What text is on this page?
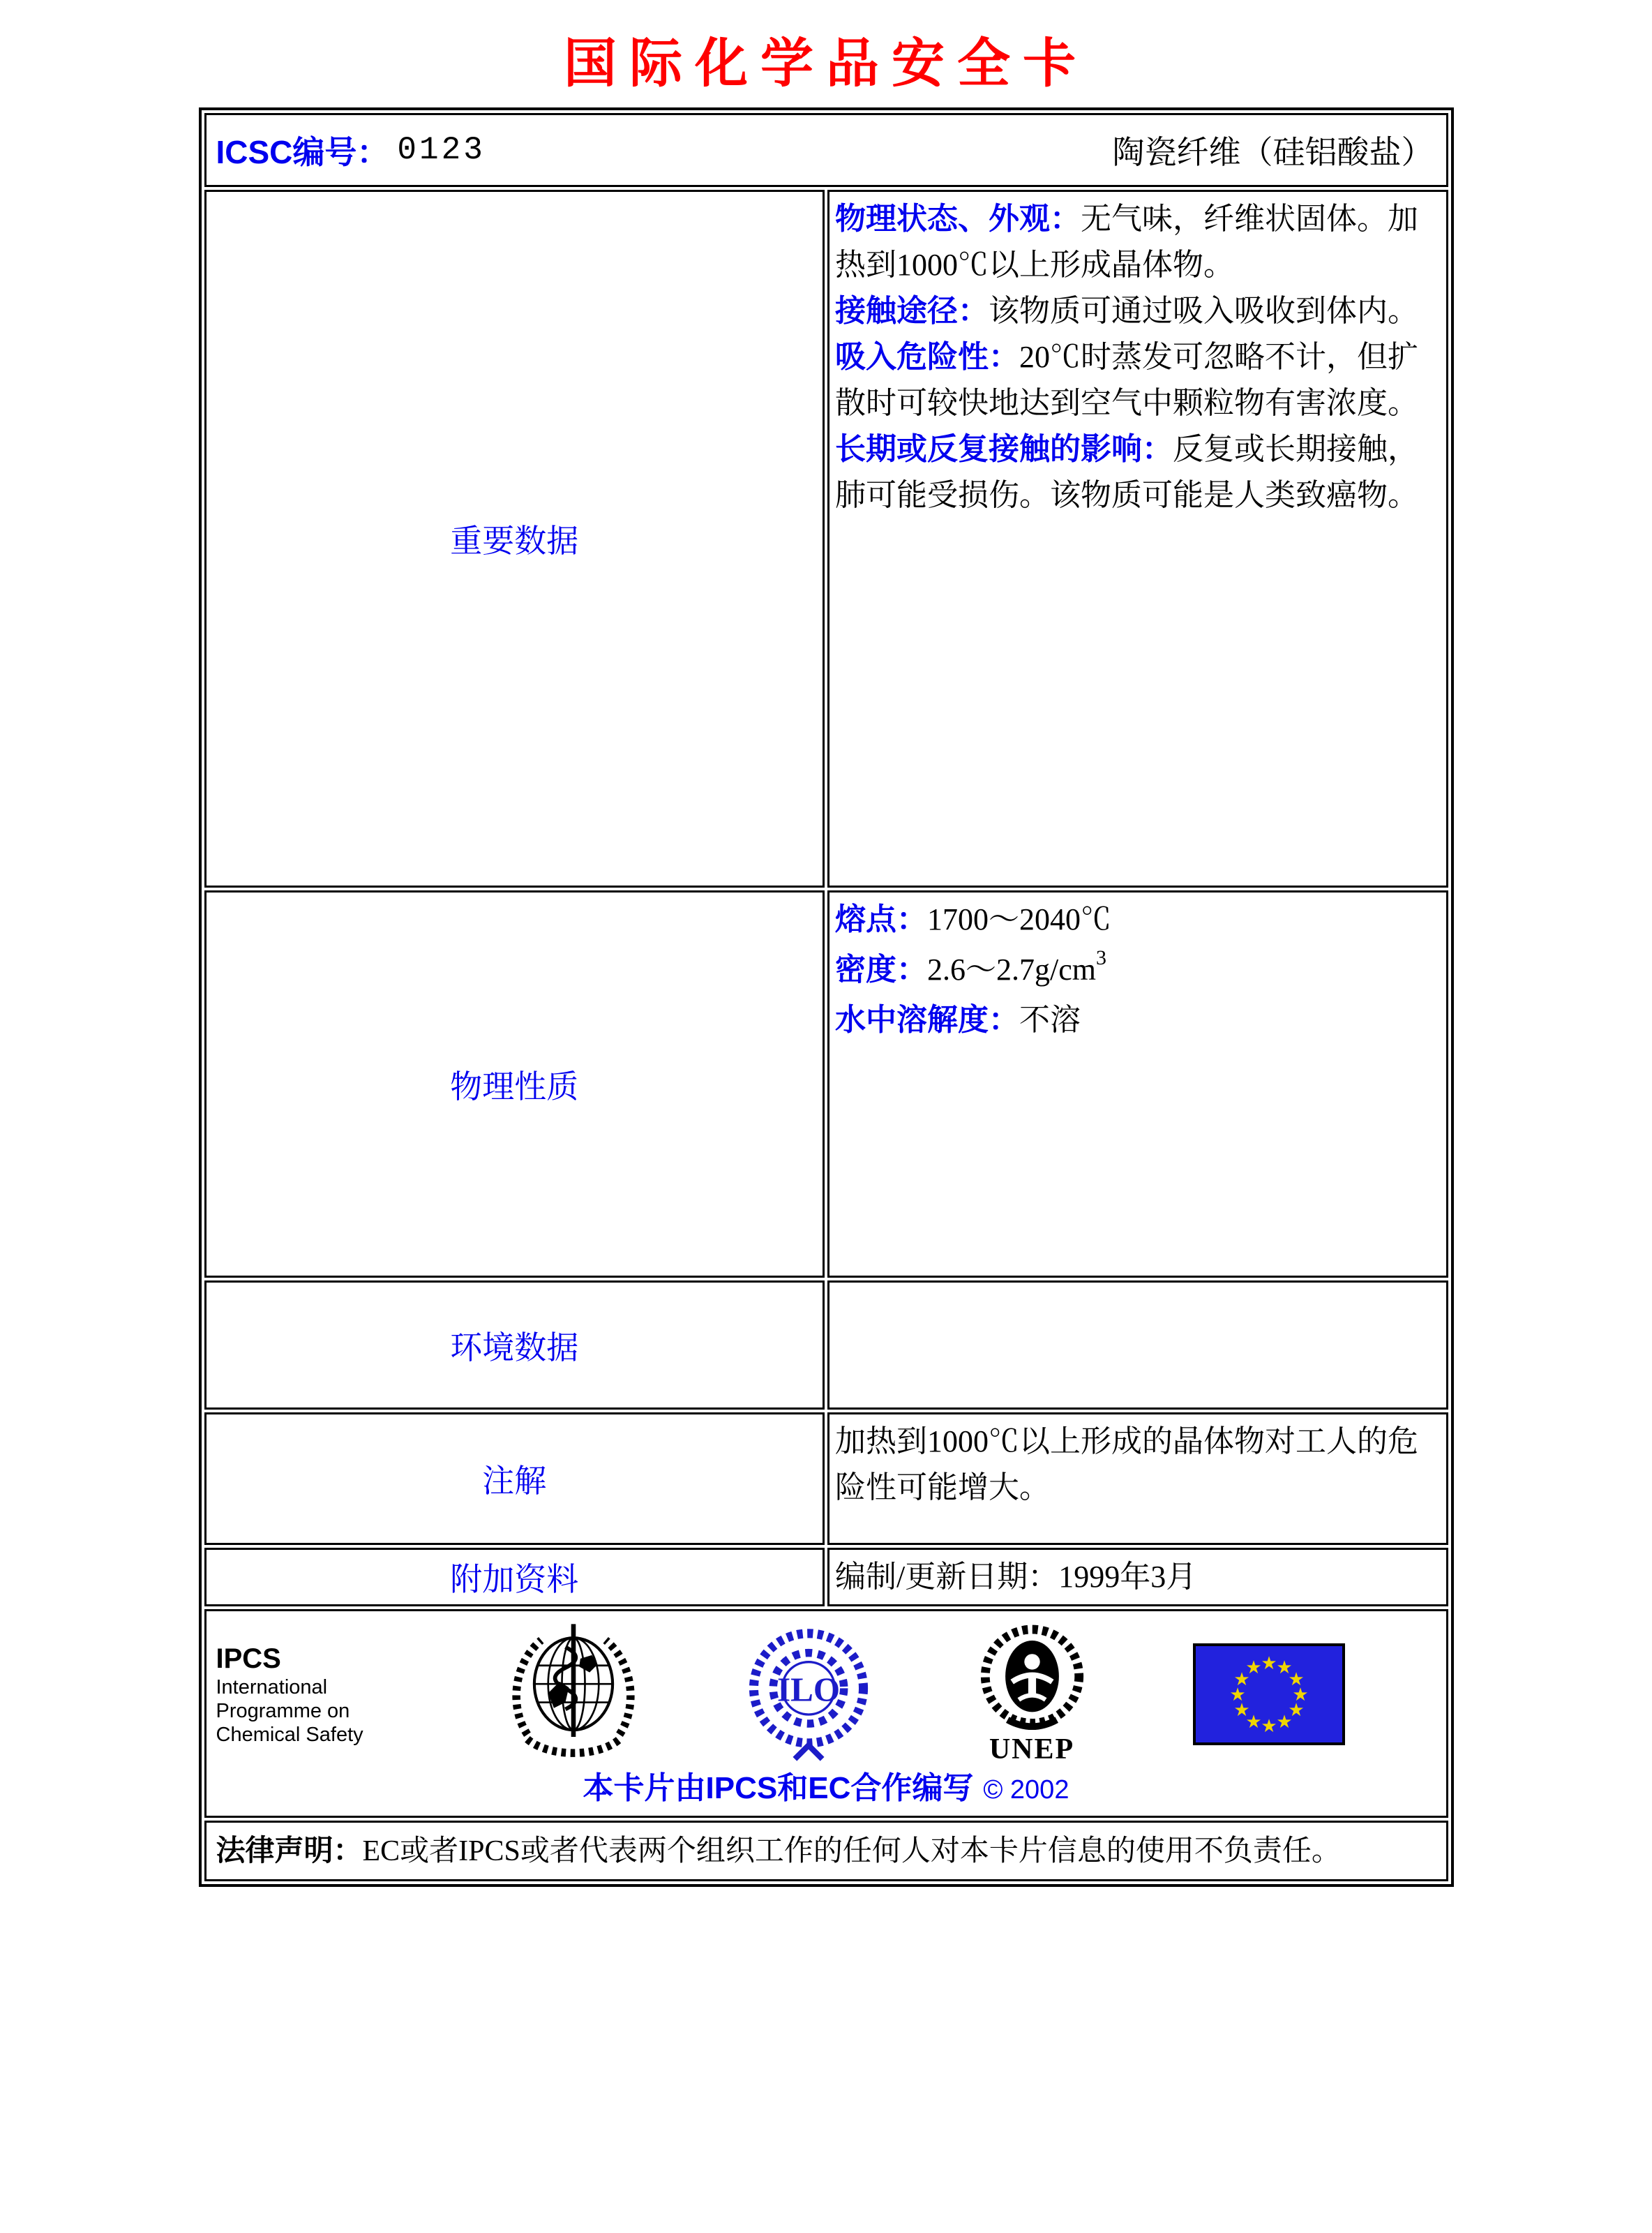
国际化学品安全卡
ICSC编号： 0123 陶瓷纤维（硅铝酸盐）	

重要数据	物理状态、外观：无气味，纤维状固体。加热到1000℃以上形成晶体物。

接触途径：该物质可通过吸入吸收到体内。

吸入危险性：20℃时蒸发可忽略不计，但扩散时可较快地达到空气中颗粒物有害浓度。

长期或反复接触的影响：反复或长期接触，肺可能受损伤。该物质可能是人类致癌物。

物理性质	熔点：1700～2040℃

密度：$2.6\sim 2.7g/cm^3$

水中溶解度：不溶

环境数据	
注解	加热到1000℃以上形成的晶体物对工人的危险性可能增大。
附加资料	编制/更新日期：1999年3月

IPCS
International
Programme on
Chemical Safety
ILO
UNEP
★
★
★
★
★
★
★
★
★
★
★
★
本卡片由IPCS和EC合作编写 © 2002

法律声明：EC或者IPCS或者代表两个组织工作的任何人对本卡片信息的使用不负责任。	
